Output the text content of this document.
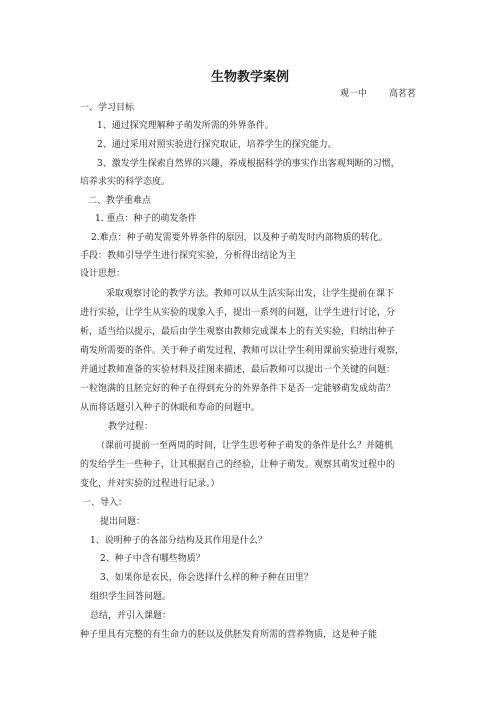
生物教学案例
观一中 高茗茗
一、学习目标
1、通过探究理解种子萌发所需的外界条件。
2、通过采用对照实验进行探究取证，培养学生的探究能力。
3、激发学生探索自然界的兴趣，养成根据科学的事实作出客观判断的习惯，
培养求实的科学态度。
二、教学重难点
1. 重点：种子的萌发条件
2.难点：种子萌发需要外界条件的原因，以及种子萌发时内部物质的转化。
手段：教师引导学生进行探究实验，分析得出结论为主
设计思想：
采取观察讨论的教学方法。教师可以从生活实际出发，让学生提前在课下
进行实验，让学生从实验的现象入手，提出一系列的问题，让学生进行讨论，分
析，适当给以提示，最后由学生观察由教师完成课本上的有关实验，归纳出种子
萌发所需要的条件。关于种子萌发过程，教师可以让学生利用课前实验进行观察，
并通过教师准备的实验材料及挂图来描述，最后教师可以提出一个关键的问题：
一粒饱满的且胚完好的种子在得到充分的外界条件下是否一定能够萌发成幼苗？
从而将话题引入种子的休眠和寿命的问题中。
教学过程：
（课前可提前一至两周的时间，让学生思考种子萌发的条件是什么？并随机
的发给学生一些种子，让其根据自己的经验，让种子萌发。观察其萌发过程中的
变化，并对实验的过程进行记录。）
一、导入：
提出问题：
1、说明种子的各部分结构及其作用是什么？
2、种子中含有哪些物质？
3、如果你是农民，你会选择什么样的种子种在田里？
组织学生回答问题。
总结，并引入课题：
种子里具有完整的有生命力的胚以及供胚发育所需的营养物质，这是种子能
